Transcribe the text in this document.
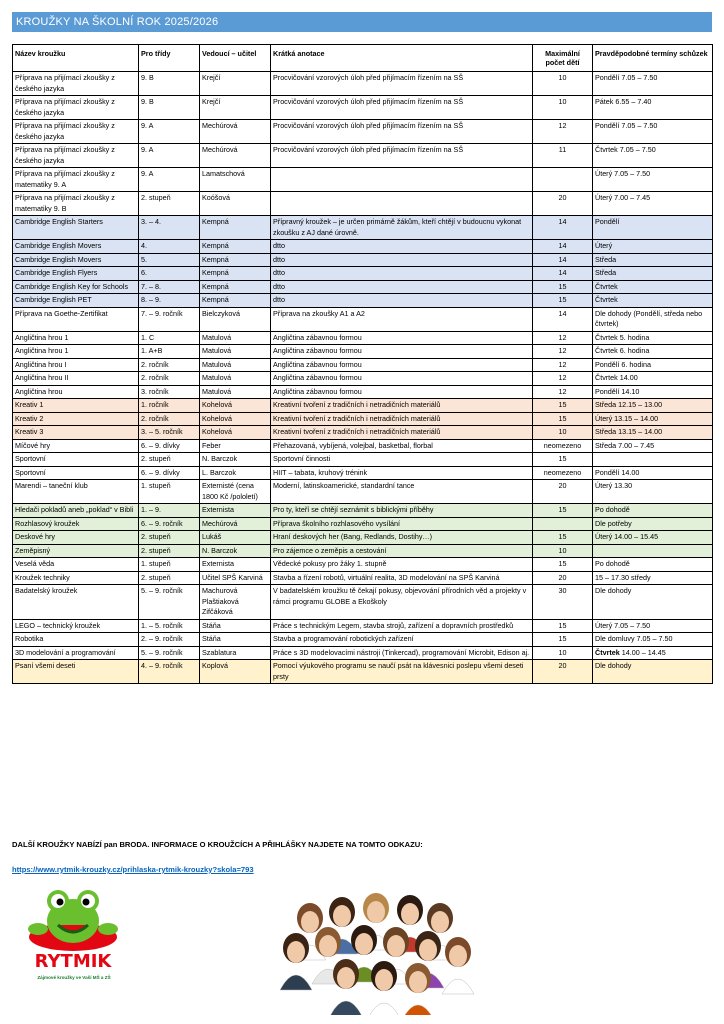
KROUŽKY NA ŠKOLNÍ ROK 2025/2026
Název kroužku	Pro třídy	Vedoucí – učitel	Krátká anotace	Maximální počet dětí	Pravděpodobné termíny schůzek
Příprava na přijímací zkoušky z českého jazyka	9. B	Krejčí	Procvičování vzorových úloh před přijímacím řízením na SŠ	10	Pondělí 7.05 – 7.50
Příprava na přijímací zkoušky z českého jazyka	9. B	Krejčí	Procvičování vzorových úloh před přijímacím řízením na SŠ	10	Pátek 6.55 – 7.40
Příprava na přijímací zkoušky z českého jazyka	9. A	Mechúrová	Procvičování vzorových úloh před přijímacím řízením na SŠ	12	Pondělí 7.05 – 7.50
Příprava na přijímací zkoušky z českého jazyka	9. A	Mechúrová	Procvičování vzorových úloh před přijímacím řízením na SŠ	11	Čtvrtek 7.05 – 7.50
Příprava na přijímací zkoušky z matematiky 9. A	9. A	Lamatschová			Úterý 7.05 – 7.50
Příprava na přijímací zkoušky z matematiky 9. B	2. stupeň	Koóšová		20	Úterý 7.00 – 7.45
Cambridge English Starters	3. – 4.	Kempná	Přípravný kroužek – je určen primárně žákům, kteří chtějí v budoucnu vykonat zkoušku z AJ dané úrovně.	14	Pondělí
Cambridge English Movers	4.	Kempná	dtto	14	Úterý
Cambridge English Movers	5.	Kempná	dtto	14	Středa
Cambridge English Flyers	6.	Kempná	dtto	14	Středa
Cambridge English Key for Schools	7. – 8.	Kempná	dtto	15	Čtvrtek
Cambridge English PET	8. – 9.	Kempná	dtto	15	Čtvrtek
Příprava na Goethe-Zertifikat	7. – 9. ročník	Bielczyková	Příprava na zkoušky A1 a A2	14	Dle dohody (Pondělí, středa nebo čtvrtek)
Angličtina hrou 1	1. C	Matulová	Angličtina zábavnou formou	12	Čtvrtek 5. hodina
Angličtina hrou 1	1. A+B	Matulová	Angličtina zábavnou formou	12	Čtvrtek 6. hodina
Angličtina hrou I	2. ročník	Matulová	Angličtina zábavnou formou	12	Pondělí 6. hodina
Angličtina hrou II	2. ročník	Matulová	Angličtina zábavnou formou	12	Čtvrtek 14.00
Angličtina hrou	3. ročník	Matulová	Angličtina zábavnou formou	12	Pondělí 14.10
Kreativ 1	1. ročník	Kohelová	Kreativní tvoření z tradičních i netradičních materiálů	15	Středa 12.15 – 13.00
Kreativ 2	2. ročník	Kohelová	Kreativní tvoření z tradičních i netradičních materiálů	15	Úterý 13.15 – 14.00
Kreativ 3	3. – 5. ročník	Kohelová	Kreativní tvoření z tradičních i netradičních materiálů	10	Středa 13.15 – 14.00
Míčové hry	6. – 9. dívky	Feber	Přehazovaná, vybíjená, volejbal, basketbal, florbal	neomezeno	Středa 7.00 – 7.45
Sportovní	2. stupeň	N. Barczok	Sportovní činnosti	15	
Sportovní	6. – 9. dívky	L. Barczok	HIIT – tabata, kruhový trénink	neomezeno	Pondělí 14.00
Marendi – taneční klub	1. stupeň	Externisté (cena 1800 Kč /pololetí)	Moderní, latinskoamerické, standardní tance	20	Úterý 13.30
Hledači pokladů aneb „poklad“ v Bibli	1. – 9.	Externista	Pro ty, kteří se chtějí seznámit s biblickými příběhy	15	Po dohodě
Rozhlasový kroužek	6. – 9. ročník	Mechúrová	Příprava školního rozhlasového vysílání		Dle potřeby
Deskové hry	2. stupeň	Lukáš	Hraní deskových her (Bang, Redlands, Dostihy…)	15	Úterý 14.00 – 15.45
Zeměpisný	2. stupeň	N. Barczok	Pro zájemce o zeměpis a cestování	10	
Veselá věda	1. stupeň	Externista	Vědecké pokusy pro žáky 1. stupně	15	Po dohodě
Kroužek techniky	2. stupeň	Učitel SPŠ Karviná	Stavba a řízení robotů, virtuální realita, 3D modelování na SPŠ Karviná	20	15 – 17.30 středy
Badatelský kroužek	5. – 9. ročník	Machurová Plaštiaková Zifčáková	V badatelském kroužku tě čekají pokusy, objevování přírodních věd a projekty v rámci programu GLOBE a Ekoškoly	30	Dle dohody
LEGO – technický kroužek	1. – 5. ročník	Stáňa	Práce s technickým Legem, stavba strojů, zařízení a dopravních prostředků	15	Úterý 7.05 – 7.50
Robotika	2. – 9. ročník	Stáňa	Stavba a programování robotických zařízení	15	Dle domluvy 7.05 – 7.50
3D modelování a programování	5. – 9. ročník	Szablatura	Práce s 3D modelovacími nástroji (Tinkercad), programování Microbit, Edison aj.	10	Čtvrtek 14.00 – 14.45
Psaní všemi deseti	4. – 9. ročník	Koplová	Pomocí výukového programu se naučí psát na klávesnici poslepu všemi deseti prsty	20	Dle dohody
DALŠÍ KROUŽKY NABÍZÍ pan BRODA. INFORMACE O KROUŽCÍCH A PŘIHLÁŠKY NAJDETE NA TOMTO ODKAZU:
https://www.rytmik-krouzky.cz/prihlaska-rytmik-krouzky?skola=793
RYTMIK
Zájmové kroužky ve Vaší MŠ a ZŠ
